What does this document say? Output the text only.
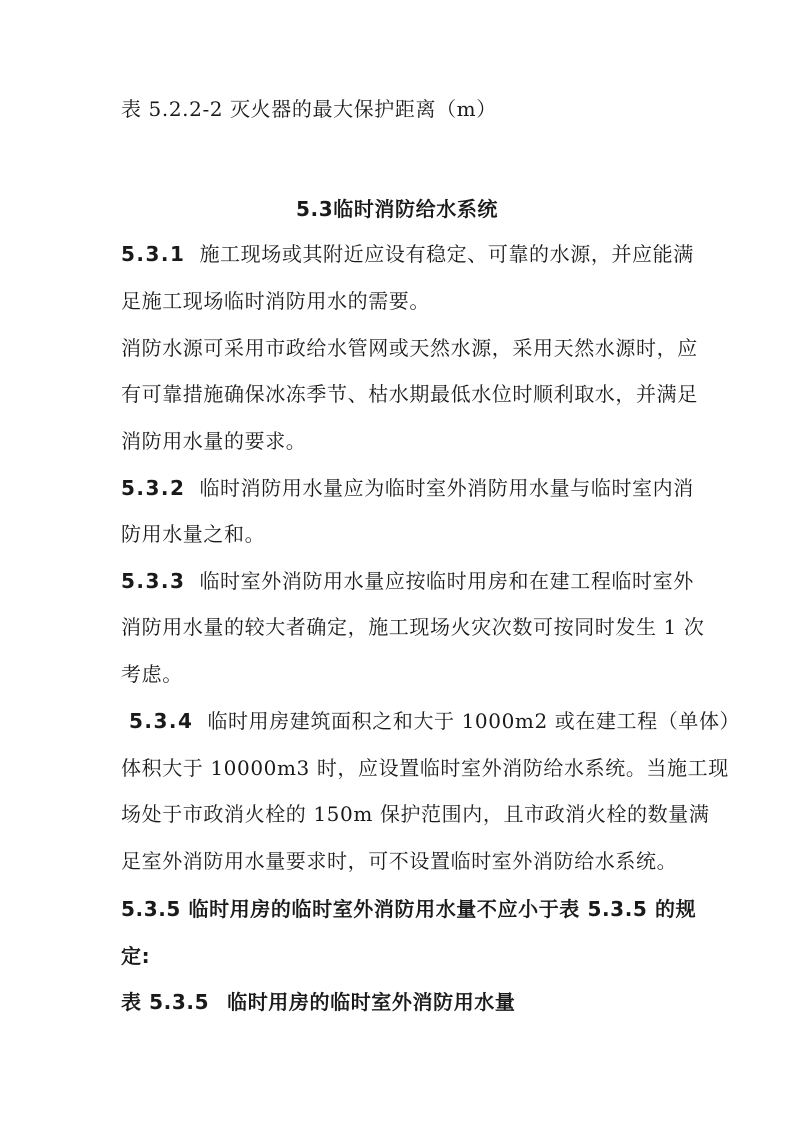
表 5.2.2-2 灭火器的最大保护距离（m）
5.3临时消防给水系统
5.3.1 施工现场或其附近应设有稳定、可靠的水源，并应能满
足施工现场临时消防用水的需要。
消防水源可采用市政给水管网或天然水源，采用天然水源时，应
有可靠措施确保冰冻季节、枯水期最低水位时顺利取水，并满足
消防用水量的要求。
5.3.2 临时消防用水量应为临时室外消防用水量与临时室内消
防用水量之和。
5.3.3 临时室外消防用水量应按临时用房和在建工程临时室外
消防用水量的较大者确定，施工现场火灾次数可按同时发生 1 次
考虑。
5.3.4 临时用房建筑面积之和大于 1000m2 或在建工程（单体）
体积大于 10000m3 时，应设置临时室外消防给水系统。当施工现
场处于市政消火栓的 150m 保护范围内，且市政消火栓的数量满
足室外消防用水量要求时，可不设置临时室外消防给水系统。
5.3.5 临时用房的临时室外消防用水量不应小于表 5.3.5 的规
定:
表 5.3.5 临时用房的临时室外消防用水量
